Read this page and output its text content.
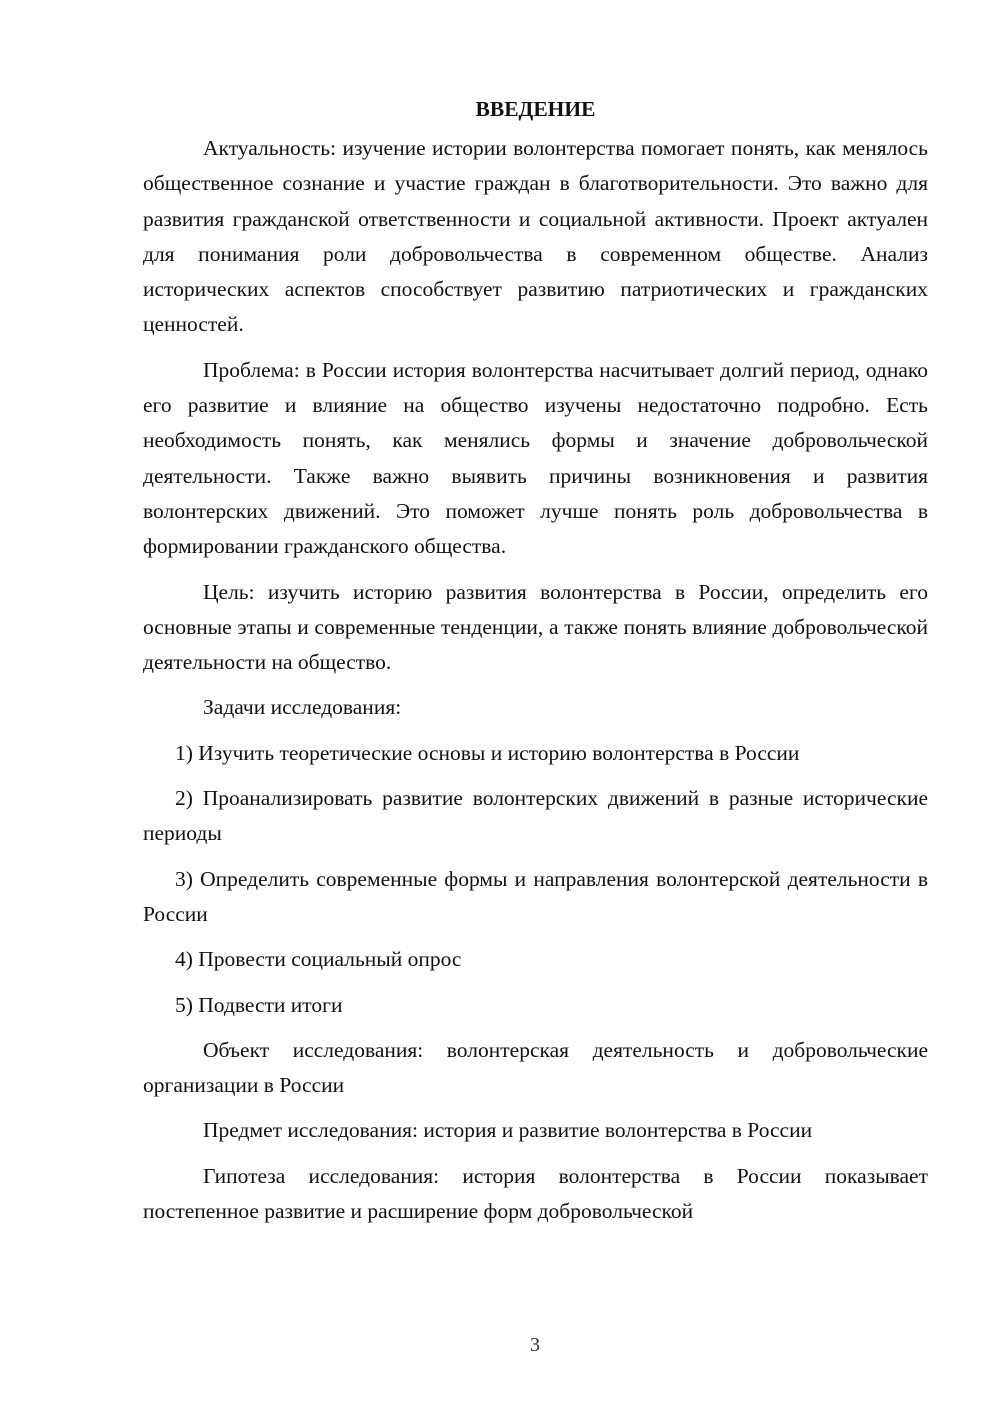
ВВЕДЕНИЕ

Актуальность: изучение истории волонтерства помогает понять, как менялось общественное сознание и участие граждан в благотворительности. Это важно для развития гражданской ответственности и социальной активности. Проект актуален для понимания роли добровольчества в современном обществе. Анализ исторических аспектов способствует развитию патриотических и гражданских ценностей.

Проблема: в России история волонтерства насчитывает долгий период, однако его развитие и влияние на общество изучены недостаточно подробно. Есть необходимость понять, как менялись формы и значение добровольческой деятельности. Также важно выявить причины возникновения и развития волонтерских движений. Это поможет лучше понять роль добровольчества в формировании гражданского общества.

Цель: изучить историю развития волонтерства в России, определить его основные этапы и современные тенденции, а также понять влияние добровольческой деятельности на общество.

Задачи исследования:

1) Изучить теоретические основы и историю волонтерства в России

2) Проанализировать развитие волонтерских движений в разные исторические периоды

3) Определить современные формы и направления волонтерской деятельности в России

4) Провести социальный опрос

5) Подвести итоги

Объект исследования: волонтерская деятельность и добровольческие организации в России

Предмет исследования: история и развитие волонтерства в России

Гипотеза исследования: история волонтерства в России показывает постепенное развитие и расширение форм добровольческой

3
